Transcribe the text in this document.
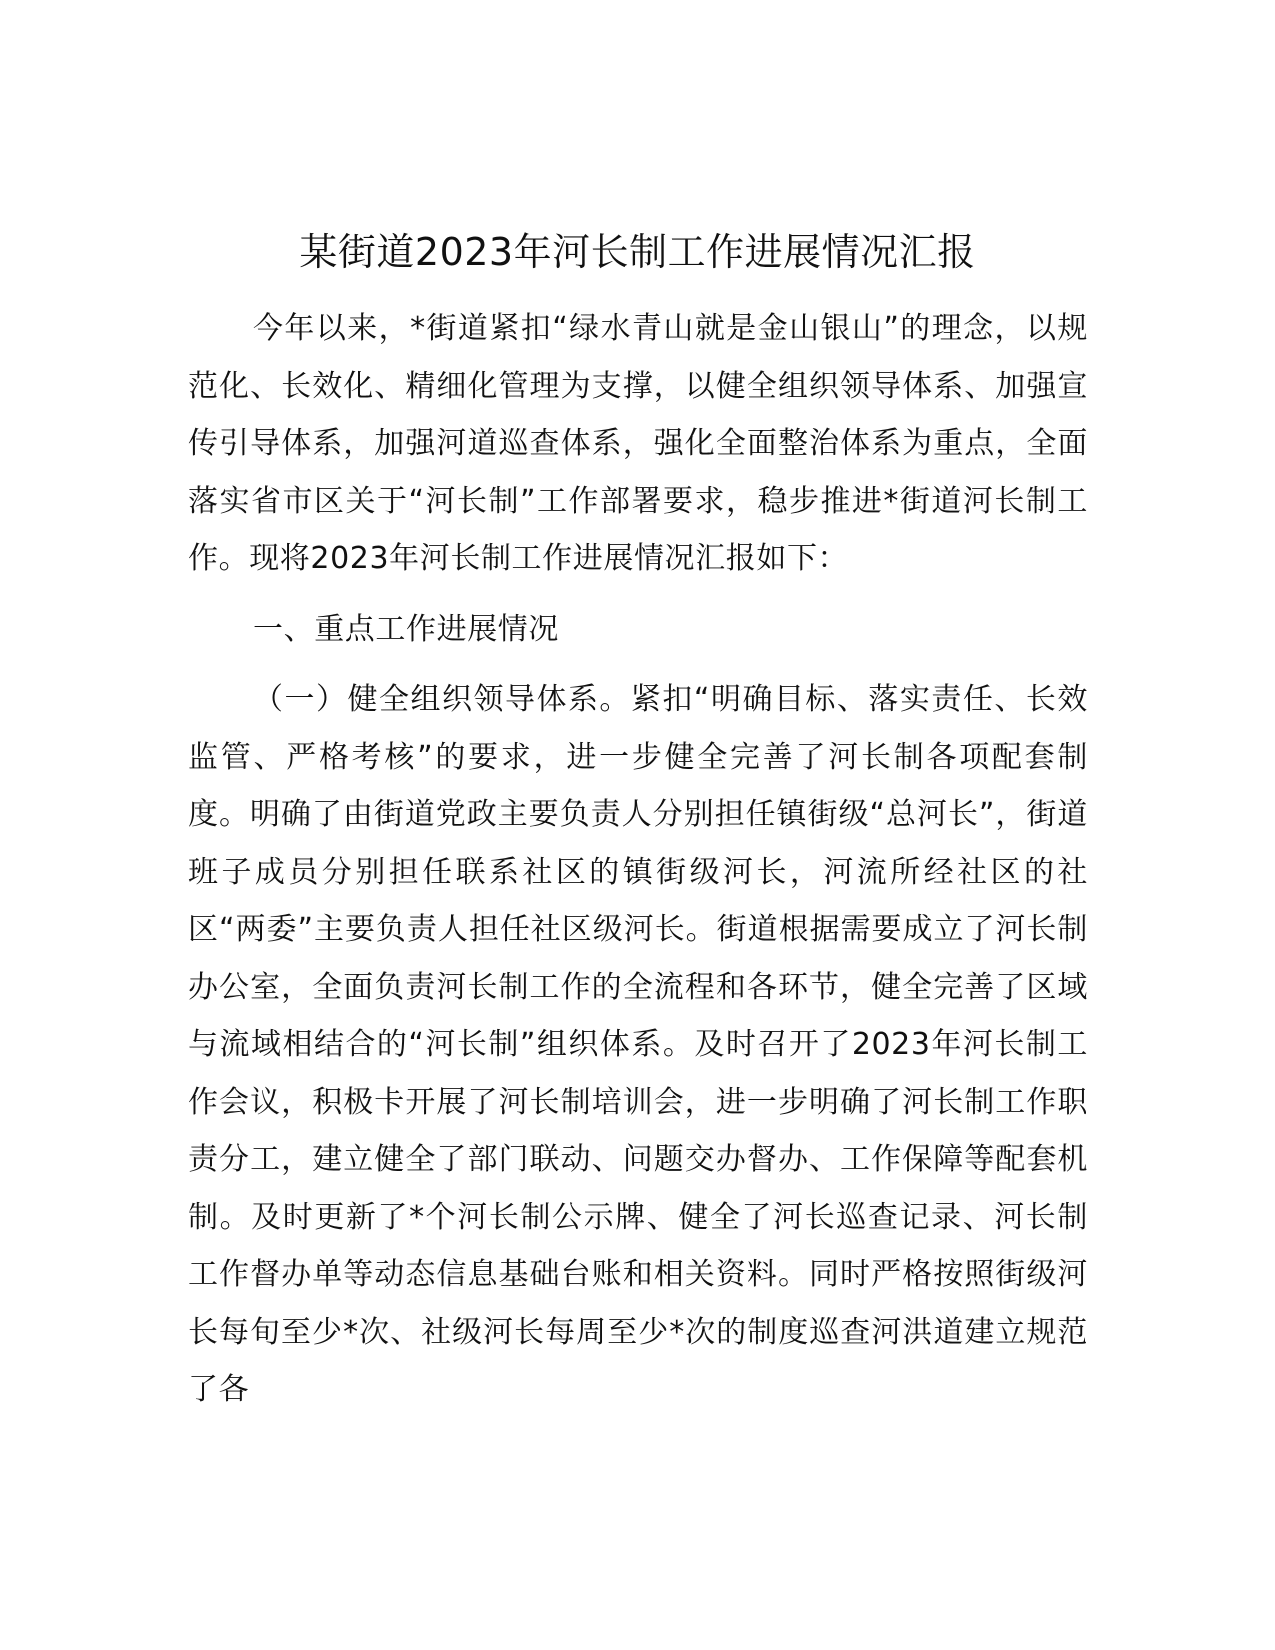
某街道2023年河长制工作进展情况汇报

今年以来，*街道紧扣“绿水青山就是金山银山”的理念，以规范化、长效化、精细化管理为支撑，以健全组织领导体系、加强宣传引导体系，加强河道巡查体系，强化全面整治体系为重点，全面落实省市区关于“河长制”工作部署要求，稳步推进*街道河长制工作。现将2023年河长制工作进展情况汇报如下：

一、重点工作进展情况

（一）健全组织领导体系。紧扣“明确目标、落实责任、长效监管、严格考核”的要求，进一步健全完善了河长制各项配套制度。明确了由街道党政主要负责人分别担任镇街级“总河长”，街道班子成员分别担任联系社区的镇街级河长，河流所经社区的社区“两委”主要负责人担任社区级河长。街道根据需要成立了河长制办公室，全面负责河长制工作的全流程和各环节，健全完善了区域与流域相结合的“河长制”组织体系。及时召开了2023年河长制工作会议，积极卡开展了河长制培训会，进一步明确了河长制工作职责分工，建立健全了部门联动、问题交办督办、工作保障等配套机制。及时更新了*个河长制公示牌、健全了河长巡查记录、河长制工作督办单等动态信息基础台账和相关资料。同时严格按照街级河长每旬至少*次、社级河长每周至少*次的制度巡查河洪道建立规范了各
